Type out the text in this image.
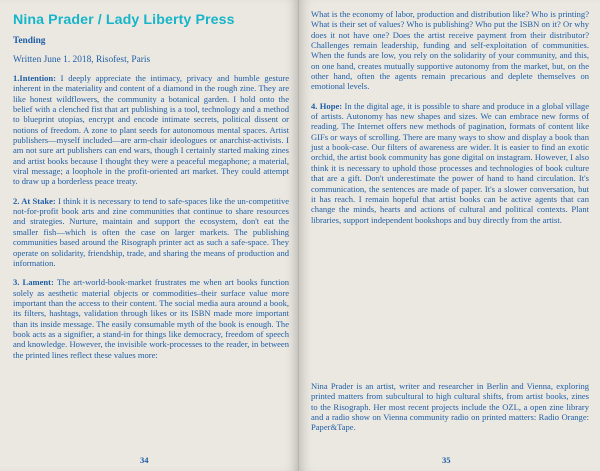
Nina Prader / Lady Liberty Press
Tending
Written June 1. 2018, Risofest, Paris

1.Intention: I deeply appreciate the intimacy, privacy and humble gesture inherent in the materiality and content of a diamond in the rough zine. They are like honest wildflowers, the community a botanical garden. I hold onto the belief with a clenched fist that art publishing is a tool, technology and a method to blueprint utopias, encrypt and encode intimate secrets, political dissent or notions of freedom. A zone to plant seeds for autonomous mental spaces. Artist publishers—myself included—are arm-chair ideologues or anarchist-activists. I am not sure art publishers can end wars, though I certainly started making zines and artist books because I thought they were a peaceful megaphone; a material, viral message; a loophole in the profit-oriented art market. They could attempt to draw up a borderless peace treaty.

2. At Stake: I think it is necessary to tend to safe-spaces like the un-competitive not-for-profit book arts and zine communities that continue to share resources and strategies. Nurture, maintain and support the ecosystem, don't eat the smaller fish—which is often the case on larger markets. The publishing communities based around the Risograph printer act as such a safe-space. They operate on solidarity, friendship, trade, and sharing the means of production and information.

3. Lament: The art-world-book-market frustrates me when art books function solely as aesthetic material objects or commodities–their surface value more important than the access to their content. The social media aura around a book, its filters, hashtags, validation through likes or its ISBN made more important than its inside message. The easily consumable myth of the book is enough. The book acts as a signifier, a stand-in for things like democracy, freedom of speech and knowledge. However, the invisible work-processes to the reader, in between the printed lines reflect these values more:

34

What is the economy of labor, production and distribution like? Who is printing? What is their set of values? Who is publishing? Who put the ISBN on it? Or why does it not have one? Does the artist receive payment from their distributor? Challenges remain leadership, funding and self-exploitation of communities. When the funds are low, you rely on the solidarity of your community, and this, on one hand, creates mutually supportive autonomy from the market, but, on the other hand, often the agents remain precarious and deplete themselves on emotional levels.

4. Hope: In the digital age, it is possible to share and produce in a global village of artists. Autonomy has new shapes and sizes. We can embrace new forms of reading. The Internet offers new methods of pagination, formats of content like GIFs or ways of scrolling. There are many ways to show and display a book than just a book-case. Our filters of awareness are wider. It is easier to find an exotic orchid, the artist book community has gone digital on instagram. However, I also think it is necessary to uphold those processes and technologies of book culture that are a gift. Don't underestimate the power of hand to hand circulation. It's communication, the sentences are made of paper. It's a slower conversation, but it has reach. I remain hopeful that artist books can be active agents that can change the minds, hearts and actions of cultural and political contexts. Plant libraries, support independent bookshops and buy directly from the artist.

Nina Prader is an artist, writer and researcher in Berlin and Vienna, exploring printed matters from subcultural to high cultural shifts, from artist books, zines to the Risograph. Her most recent projects include the OZL, a open zine library and a radio show on Vienna community radio on printed matters: Radio Orange: Paper&Tape.

35
